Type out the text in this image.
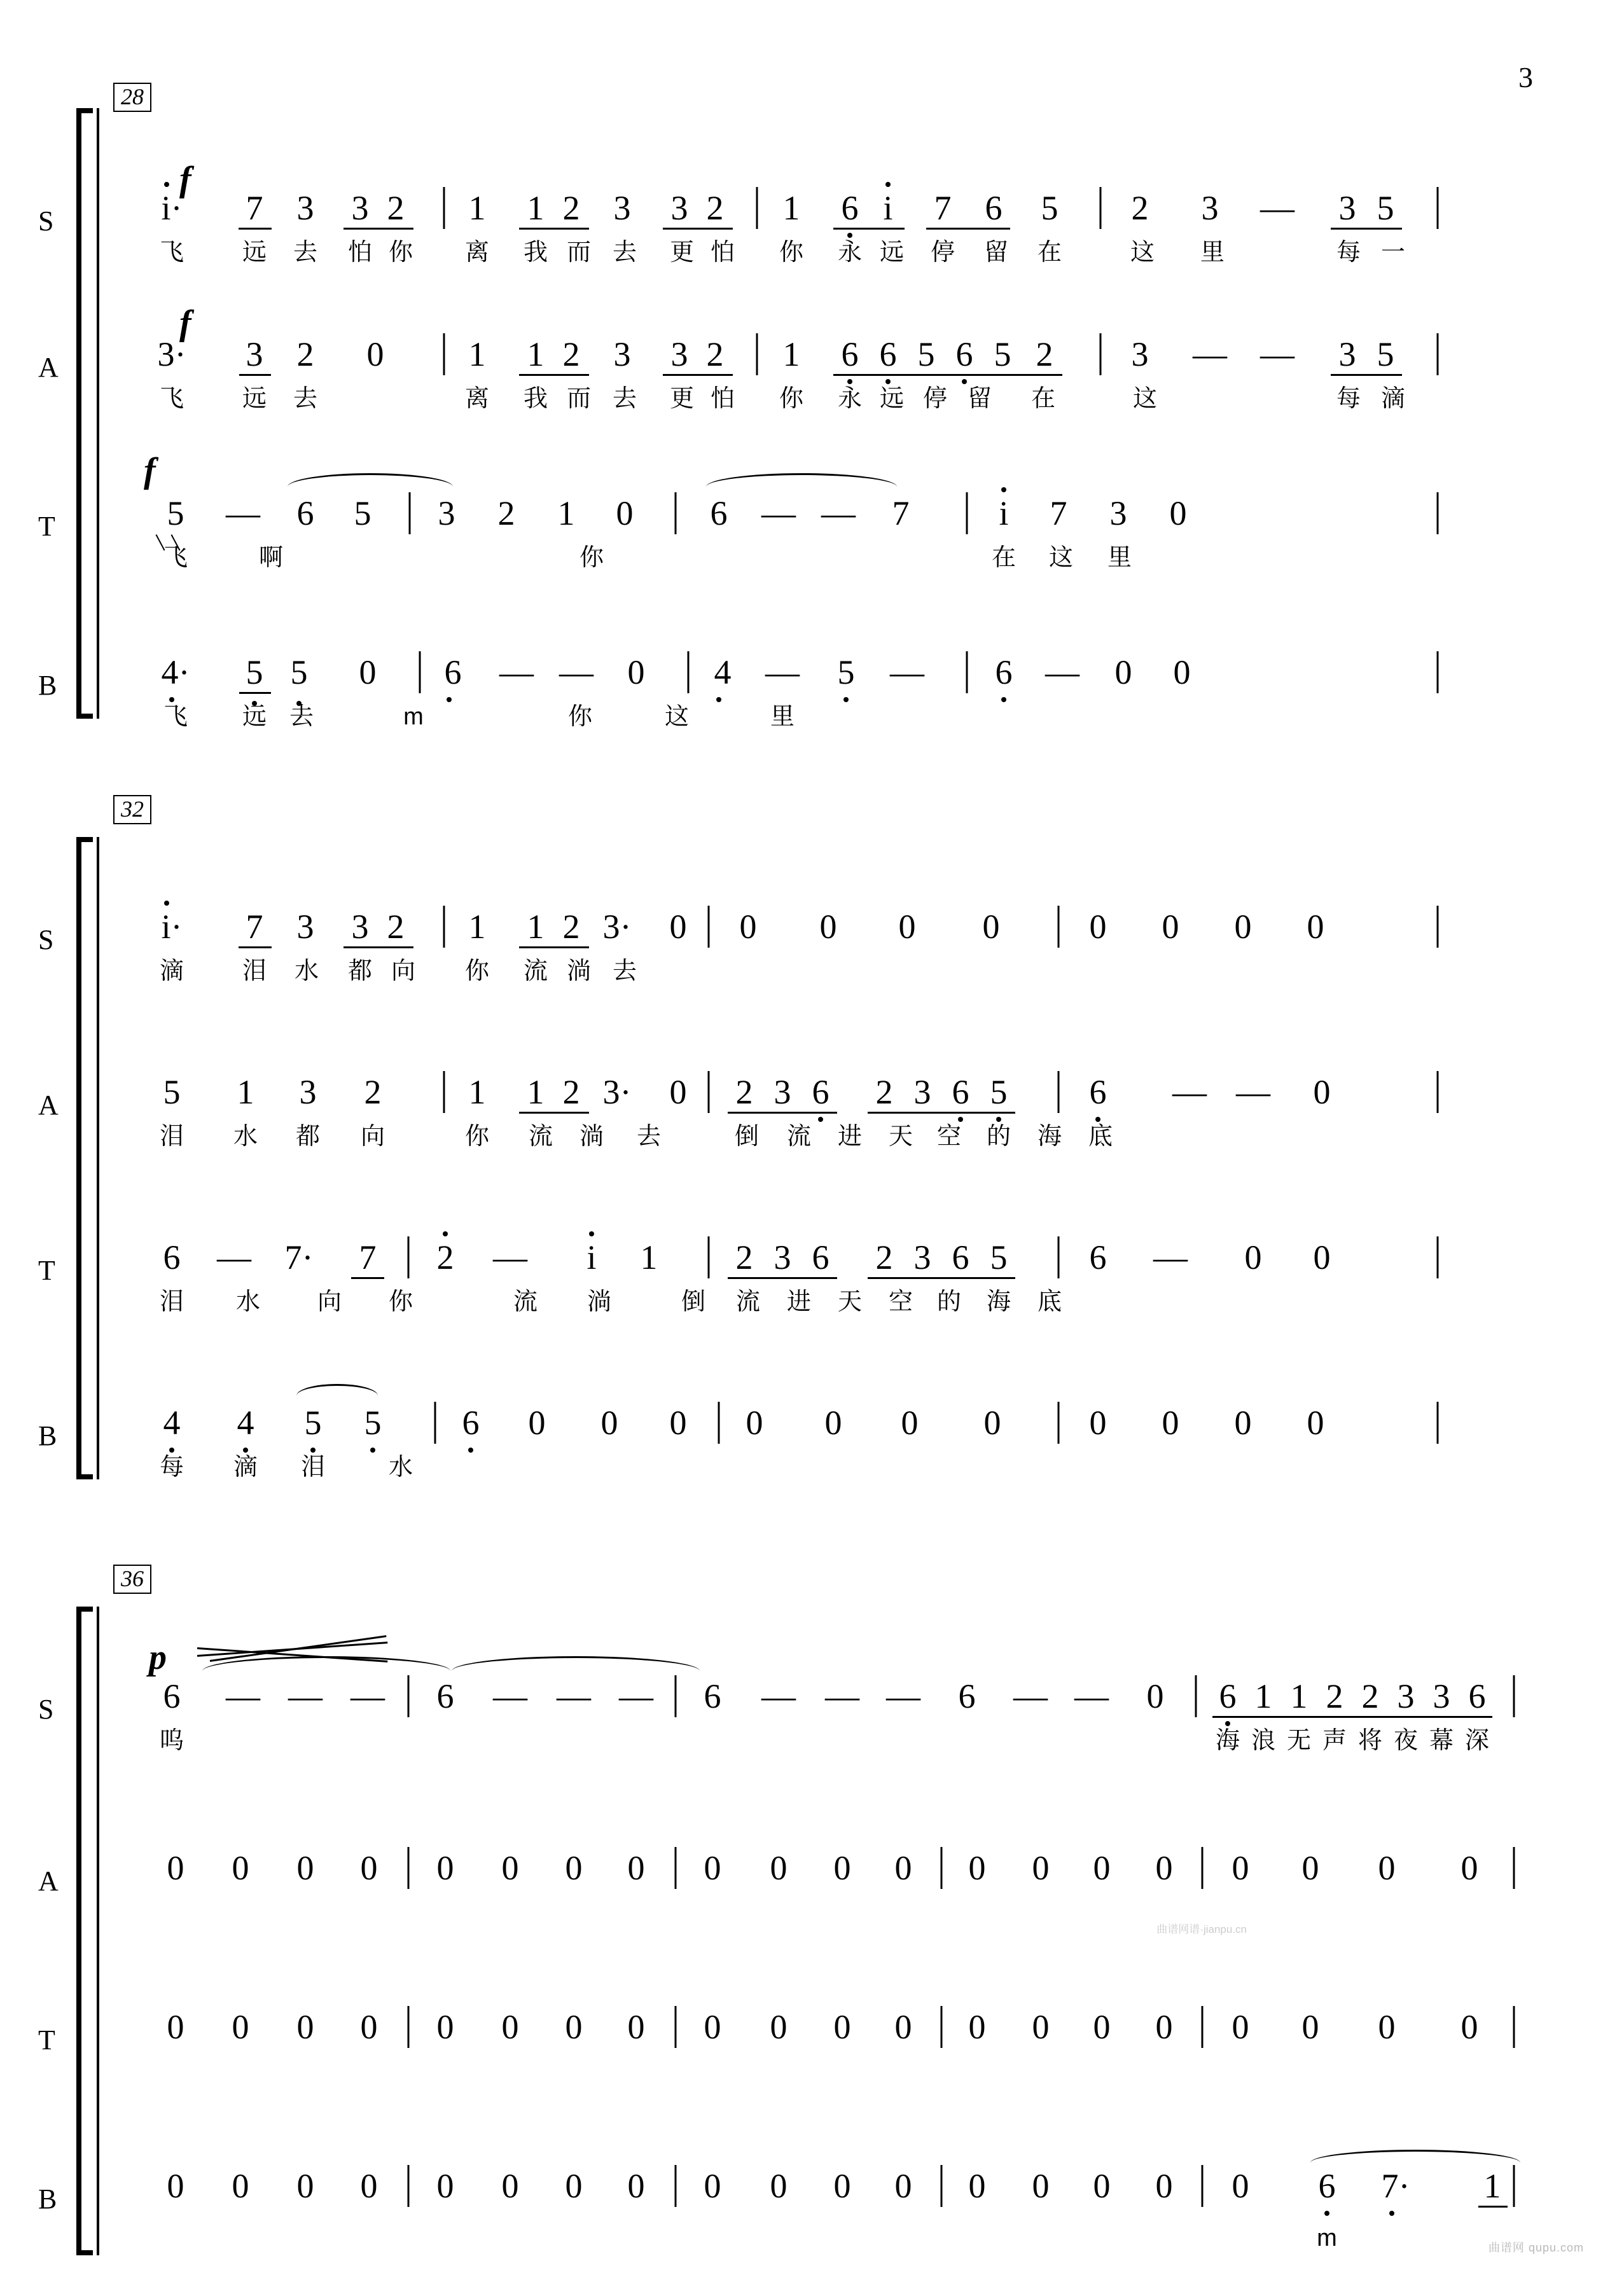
3
28
S
f
i· 7 3 3 2 1 1 2 3 3 2 1 6 i 7 6 5 2 3 — 3 5
飞 远 去 怕 你 离 我 而 去 更 怕 你 永 远 停 留 在	这 里	每 一
A
f
3· 3 2 0 1 1 2 3 3 2 1 6 6 5 6 5 2 3 — — 3 5
飞 远 去	离 我 而 去 更 怕 你 永 远 停 留 在	这	每 滴
T
f
5 — 6 5 3 2 1 0 6 — — 7	i 7 3 0
飞	啊	你	在 这 里
B	4· 5 5 0 6 — — 0 4 — 5 — 6 — 0 0
飞 远 去	m	你	这	里
32
S	i· 7 3 3 2 1 1 2 3· 0 0 0 0 0	0 0 0 0
滴 泪 水 都 向 你 流 淌 去
A	5 1 3 2	1 1 2 3· 0 2 3 6 2 3 6 5 6 — — 0
泪 水 都 向	你 流 淌 去	倒 流 进 天 空 的 海 底
T	6 — 7· 7 2 — i 1 2 3 6 2 3 6 5 6 — 0 0
泪 水 向 你	流 淌	倒 流 进 天 空 的 海 底
B	4 4 5 5 6 0 0 0 0 0 0 0	0 0 0 0
每 滴 泪	水
36
S
p
6 — — — 6 — — — 6 — — — 6 — — 0 6 1 1 2 2 3 3 6
呜	海 浪 无 声 将 夜 幕 深
A	0 0 0 0 0 0 0 0 0 0 0 0 0 0 0 0 0 0 0 0
T	0 0 0 0 0 0 0 0 0 0 0 0 0 0 0 0 0 0 0 0
B	0 0 0 0 0 0 0 0 0 0 0 0 0 0 0 0 0 6 7· 1
m
曲谱网谱·jianpu.cn
曲谱网 qupu.com
